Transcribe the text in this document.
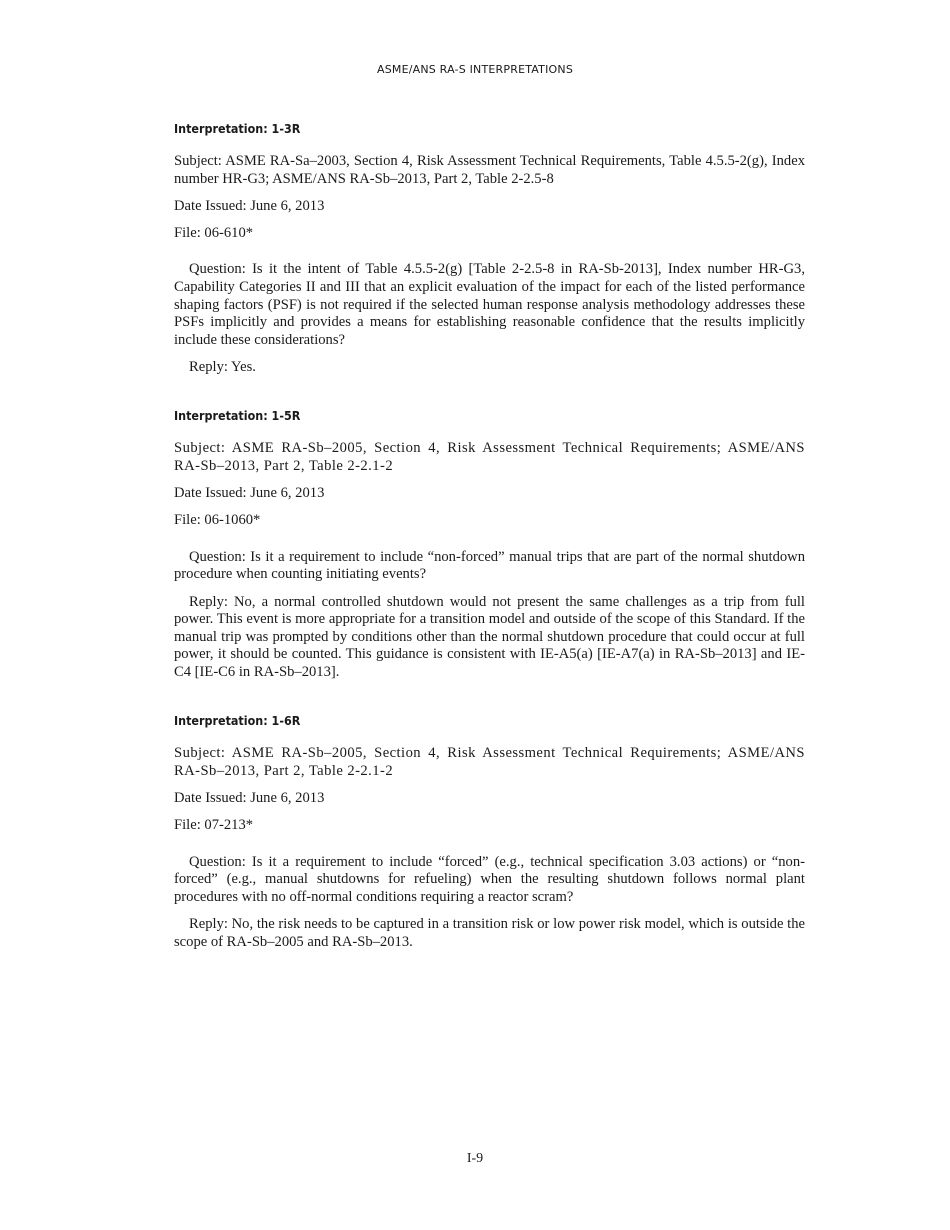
ASME/ANS RA-S INTERPRETATIONS
Interpretation: 1-3R

Subject: ASME RA-Sa–2003, Section 4, Risk Assessment Technical Requirements, Table 4.5.5-2(g), Index number HR-G3; ASME/ANS RA-Sb–2013, Part 2, Table 2-2.5-8

Date Issued: June 6, 2013

File: 06-610*

Question: Is it the intent of Table 4.5.5-2(g) [Table 2-2.5-8 in RA-Sb-2013], Index number HR-G3, Capability Categories II and III that an explicit evaluation of the impact for each of the listed performance shaping factors (PSF) is not required if the selected human response analysis methodology addresses these PSFs implicitly and provides a means for establishing reasonable confidence that the results implicitly include these considerations?

Reply: Yes.

Interpretation: 1-5R

Subject: ASME RA-Sb–2005, Section 4, Risk Assessment Technical Requirements; ASME/ANS RA-Sb–2013, Part 2, Table 2-2.1-2

Date Issued: June 6, 2013

File: 06-1060*

Question: Is it a requirement to include “non-forced” manual trips that are part of the normal shutdown procedure when counting initiating events?

Reply: No, a normal controlled shutdown would not present the same challenges as a trip from full power. This event is more appropriate for a transition model and outside of the scope of this Standard. If the manual trip was prompted by conditions other than the normal shutdown procedure that could occur at full power, it should be counted. This guidance is consistent with IE-A5(a) [IE-A7(a) in RA-Sb–2013] and IE-C4 [IE-C6 in RA-Sb–2013].

Interpretation: 1-6R

Subject: ASME RA-Sb–2005, Section 4, Risk Assessment Technical Requirements; ASME/ANS RA-Sb–2013, Part 2, Table 2-2.1-2

Date Issued: June 6, 2013

File: 07-213*

Question: Is it a requirement to include “forced” (e.g., technical specification 3.03 actions) or “non-forced” (e.g., manual shutdowns for refueling) when the resulting shutdown follows normal plant procedures with no off-normal conditions requiring a reactor scram?

Reply: No, the risk needs to be captured in a transition risk or low power risk model, which is outside the scope of RA-Sb–2005 and RA-Sb–2013.

I-9
